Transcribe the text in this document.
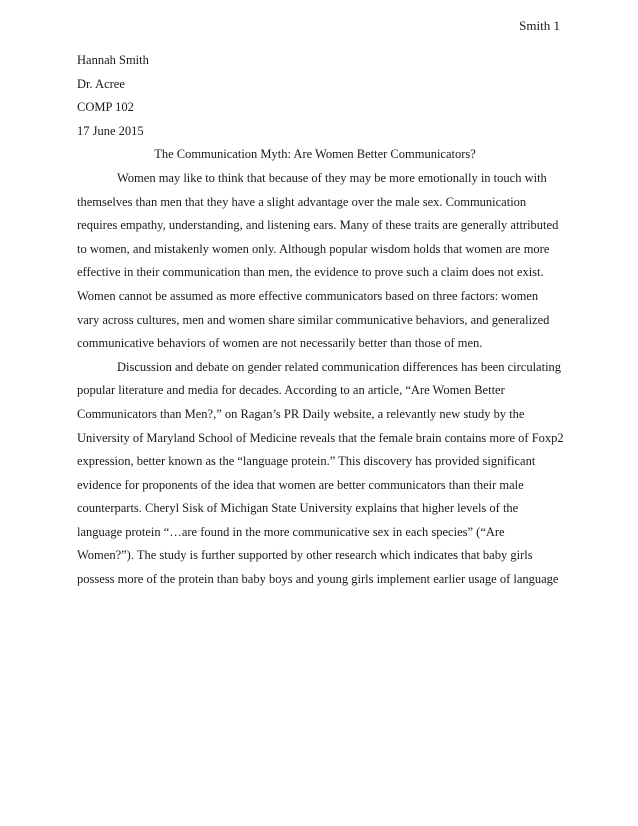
Smith 1
Hannah Smith
Dr. Acree
COMP 102
17 June 2015
The Communication Myth: Are Women Better Communicators?
Women may like to think that because of they may be more emotionally in touch with
themselves than men that they have a slight advantage over the male sex. Communication
requires empathy, understanding, and listening ears. Many of these traits are generally attributed
to women, and mistakenly women only. Although popular wisdom holds that women are more
effective in their communication than men, the evidence to prove such a claim does not exist.
Women cannot be assumed as more effective communicators based on three factors: women
vary across cultures, men and women share similar communicative behaviors, and generalized
communicative behaviors of women are not necessarily better than those of men.
Discussion and debate on gender related communication differences has been circulating
popular literature and media for decades. According to an article, “Are Women Better
Communicators than Men?,” on Ragan’s PR Daily website, a relevantly new study by the
University of Maryland School of Medicine reveals that the female brain contains more of Foxp2
expression, better known as the “language protein.” This discovery has provided significant
evidence for proponents of the idea that women are better communicators than their male
counterparts. Cheryl Sisk of Michigan State University explains that higher levels of the
language protein “…are found in the more communicative sex in each species” (“Are
Women?”). The study is further supported by other research which indicates that baby girls
possess more of the protein than baby boys and young girls implement earlier usage of language
